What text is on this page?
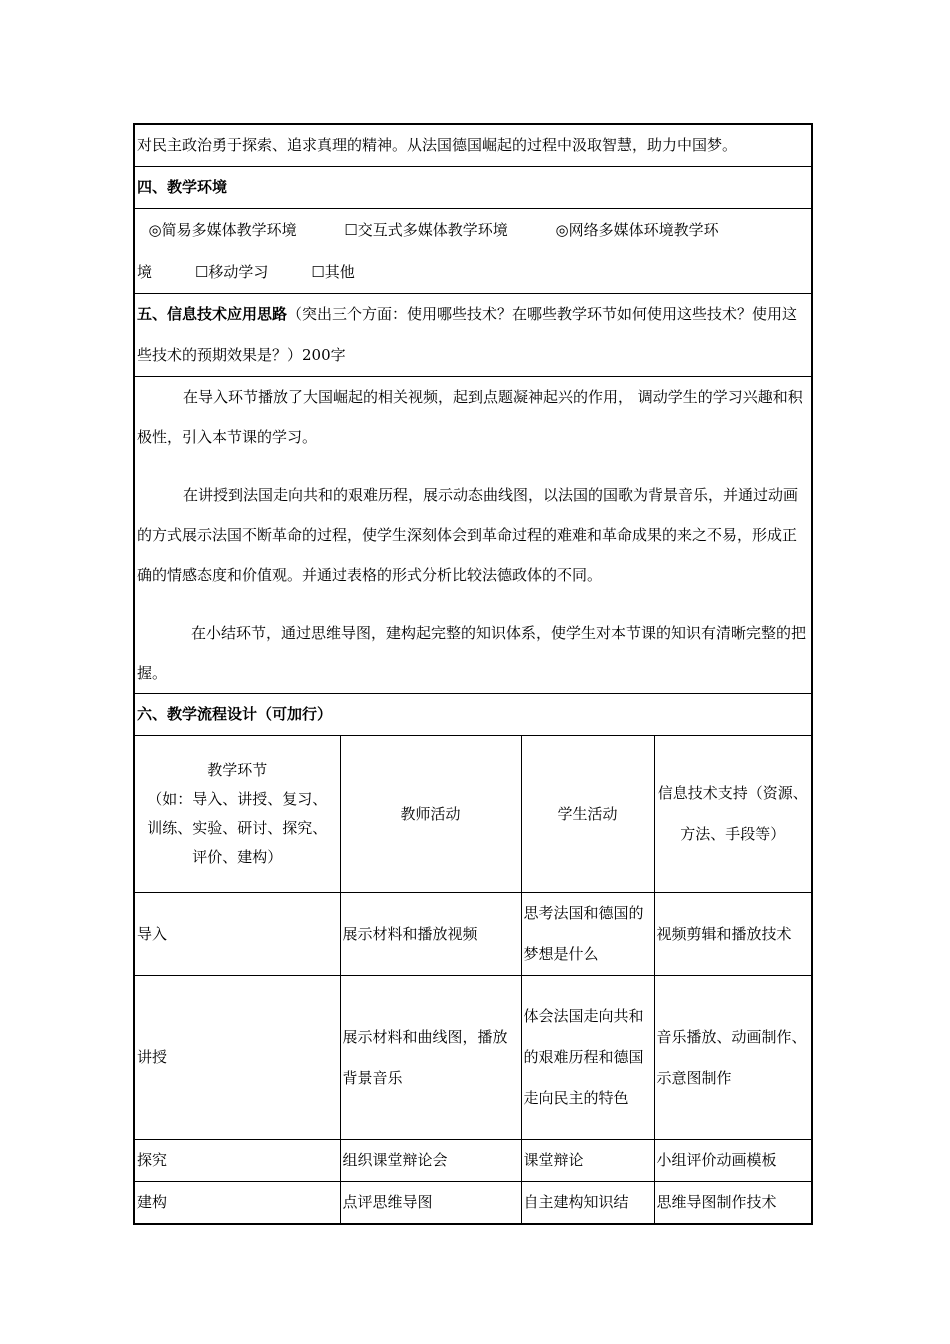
对民主政治勇于探索、追求真理的精神。从法国德国崛起的过程中汲取智慧，助力中国梦。
四、教学环境
◎简易多媒体教学环境	☐交互式多媒体教学环境	◎网络多媒体环境教学环
境	☐移动学习	☐其他
五、信息技术应用思路（突出三个方面：使用哪些技术？在哪些教学环节如何使用这些技术？使用这些技术的预期效果是？）200字
在导入环节播放了大国崛起的相关视频，起到点题凝神起兴的作用， 调动学生的学习兴趣和积极性，引入本节课的学习。
在讲授到法国走向共和的艰难历程，展示动态曲线图，以法国的国歌为背景音乐，并通过动画的方式展示法国不断革命的过程，使学生深刻体会到革命过程的难难和革命成果的来之不易，形成正确的情感态度和价值观。并通过表格的形式分析比较法德政体的不同。
在小结环节，通过思维导图，建构起完整的知识体系，使学生对本节课的知识有清晰完整的把握。
六、教学流程设计（可加行）
教学环节
（如：导入、讲授、复习、
训练、实验、研讨、探究、
评价、建构）	教师活动	学生活动	信息技术支持（资源、方法、手段等）
导入	展示材料和播放视频	思考法国和德国的梦想是什么	视频剪辑和播放技术
讲授	展示材料和曲线图，播放背景音乐	体会法国走向共和的艰难历程和德国走向民主的特色	音乐播放、动画制作、示意图制作
探究	组织课堂辩论会	课堂辩论	小组评价动画模板
建构	点评思维导图	自主建构知识结	思维导图制作技术
